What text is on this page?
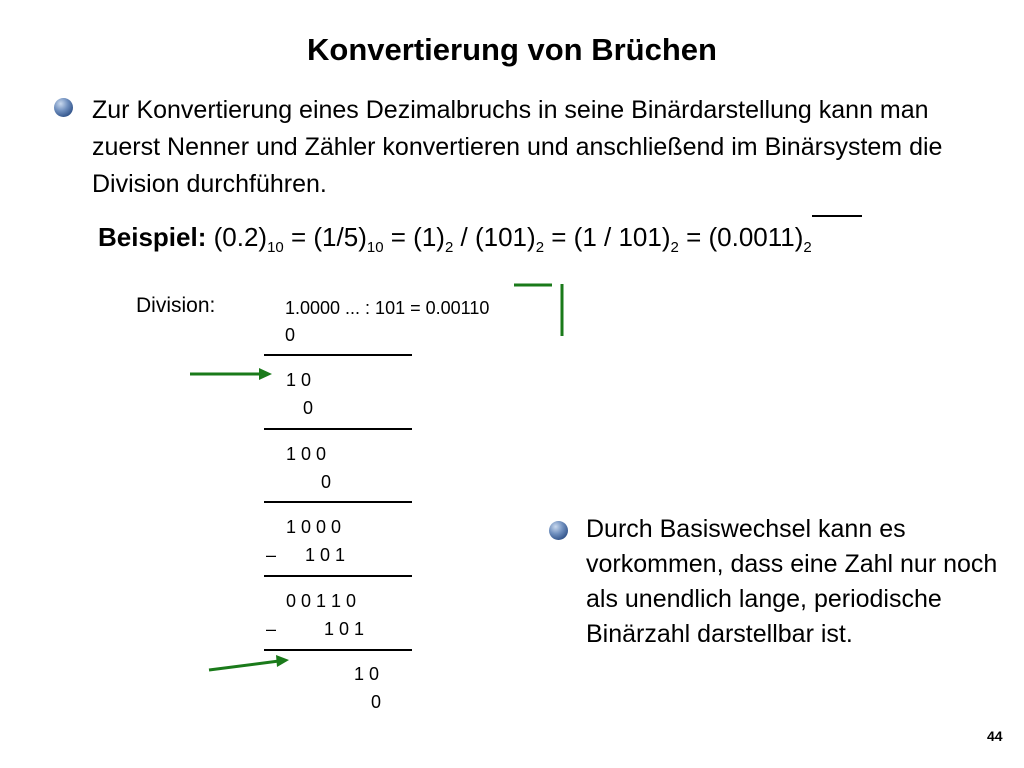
Konvertierung von Brüchen
Zur Konvertierung eines Dezimalbruchs in seine Binärdarstellung kann man zuerst Nenner und Zähler konvertieren und anschließend im Binärsystem die Division durchführen.
Beispiel: $(0.2)_{10} = (1/5)_{10} = (1)_2 / (101)_2 = (1 / 101)_2 = (0.0011)_2$
Division:	1.0000 ... : 101 = 0.00110
0
1 0
0
1 0 0
0
1 0 0 0
– 1 0 1
0 0 1 1 0
–	1 0 1
1 0
0
Durch Basiswechsel kann es vorkommen, dass eine Zahl nur noch als unendlich lange, periodische Binärzahl darstellbar ist.
44
